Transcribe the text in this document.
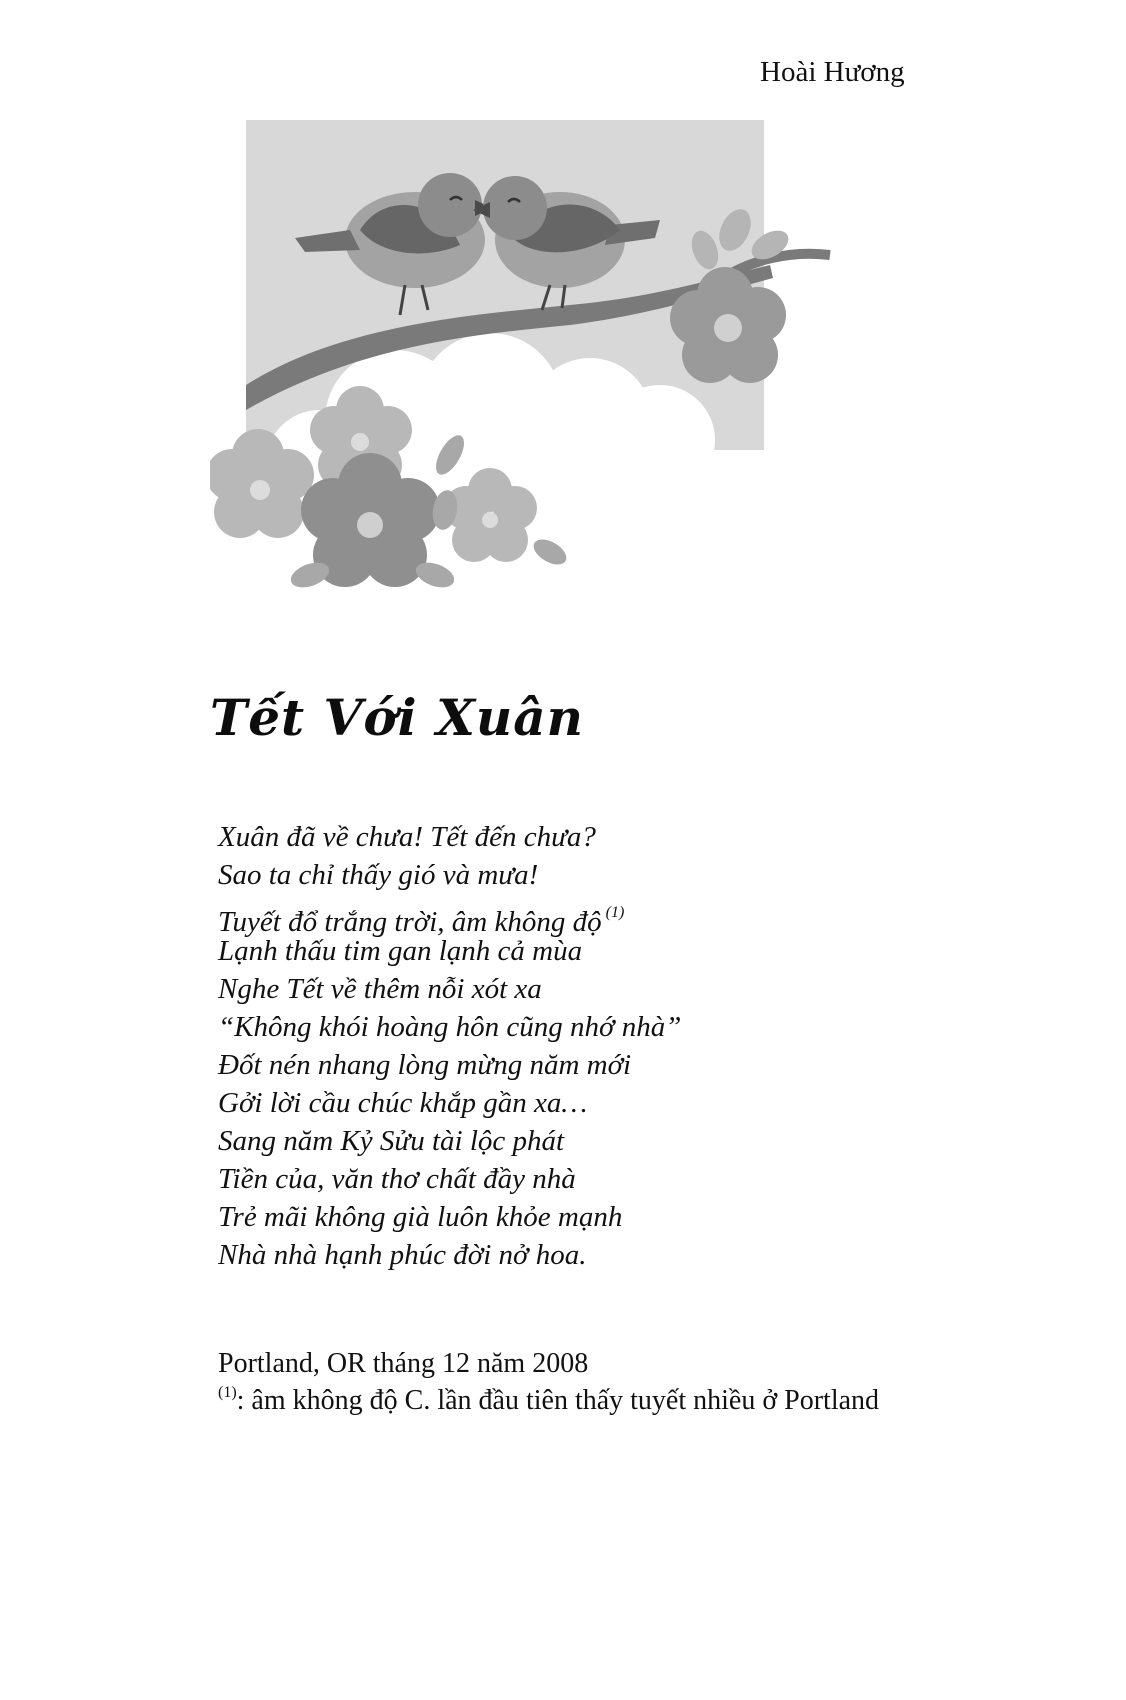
Hoài Hương
Tết Với Xuân
Xuân đã về chưa! Tết đến chưa?
Sao ta chỉ thấy gió và mưa!
Tuyết đổ trắng trời, âm không độ $^{(1)}$
Lạnh thấu tim gan lạnh cả mùa
Nghe Tết về thêm nỗi xót xa
“Không khói hoàng hôn cũng nhớ nhà”
Đốt nén nhang lòng mừng năm mới
Gởi lời cầu chúc khắp gần xa…
Sang năm Kỷ Sửu tài lộc phát
Tiền của, văn thơ chất đầy nhà
Trẻ mãi không già luôn khỏe mạnh
Nhà nhà hạnh phúc đời nở hoa.
Portland, OR tháng 12 năm 2008
$^{(1)}$: âm không độ C. lần đầu tiên thấy tuyết nhiều ở Portland
